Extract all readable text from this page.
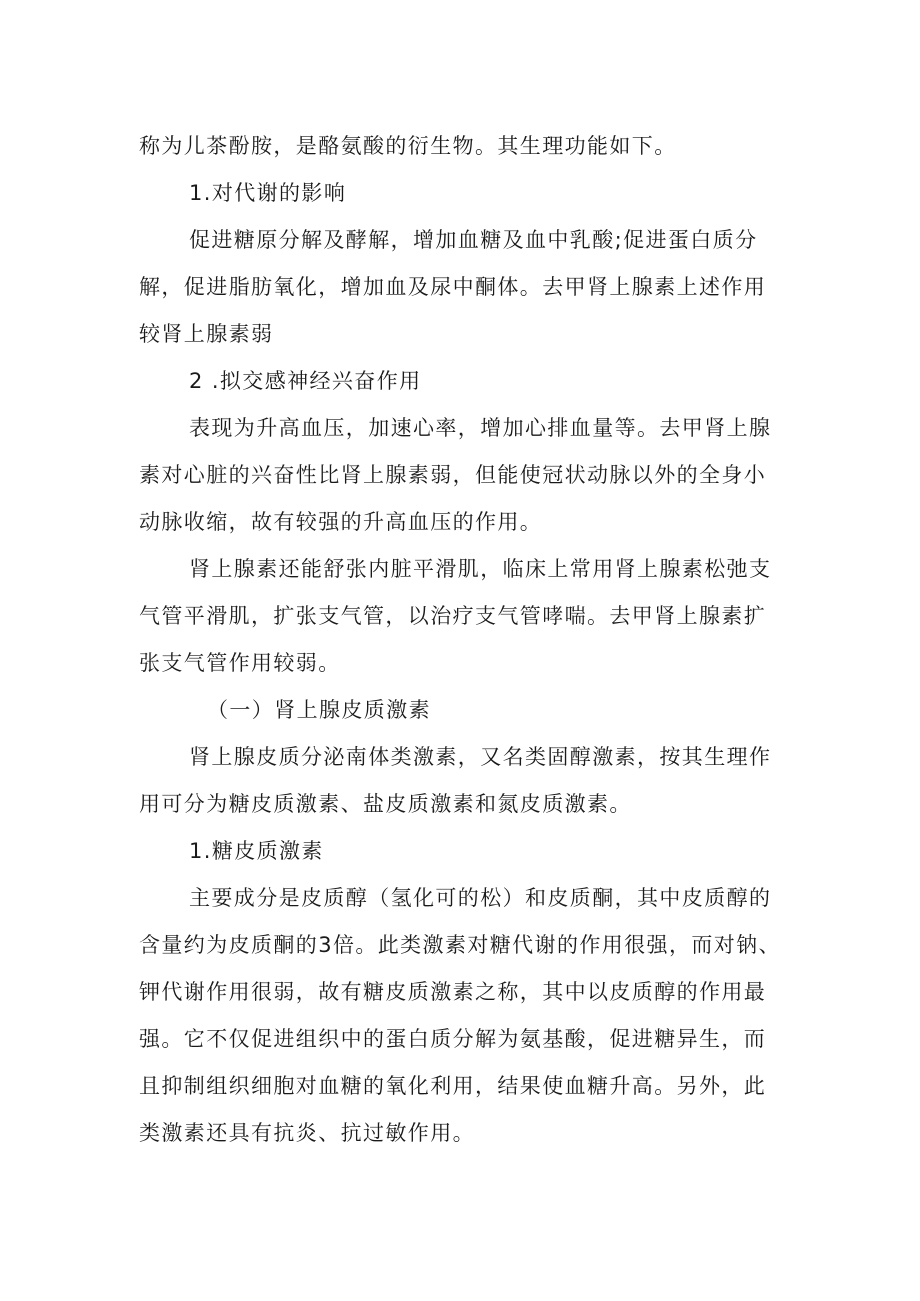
称为儿茶酚胺，是酪氨酸的衍生物。其生理功能如下。
1.对代谢的影响
促进糖原分解及酵解，增加血糖及血中乳酸;促进蛋白质分
解，促进脂肪氧化，增加血及尿中酮体。去甲肾上腺素上述作用
较肾上腺素弱
2 .拟交感神经兴奋作用
表现为升高血压，加速心率，增加心排血量等。去甲肾上腺
素对心脏的兴奋性比肾上腺素弱，但能使冠状动脉以外的全身小
动脉收缩，故有较强的升高血压的作用。
肾上腺素还能舒张内脏平滑肌，临床上常用肾上腺素松弛支
气管平滑肌，扩张支气管，以治疗支气管哮喘。去甲肾上腺素扩
张支气管作用较弱。
（一）肾上腺皮质激素
肾上腺皮质分泌南体类激素，又名类固醇激素，按其生理作
用可分为糖皮质激素、盐皮质激素和氮皮质激素。
1.糖皮质激素
主要成分是皮质醇（氢化可的松）和皮质酮，其中皮质醇的
含量约为皮质酮的3倍。此类激素对糖代谢的作用很强，而对钠、
钾代谢作用很弱，故有糖皮质激素之称，其中以皮质醇的作用最
强。它不仅促进组织中的蛋白质分解为氨基酸，促进糖异生，而
且抑制组织细胞对血糖的氧化利用，结果使血糖升高。另外，此
类激素还具有抗炎、抗过敏作用。
